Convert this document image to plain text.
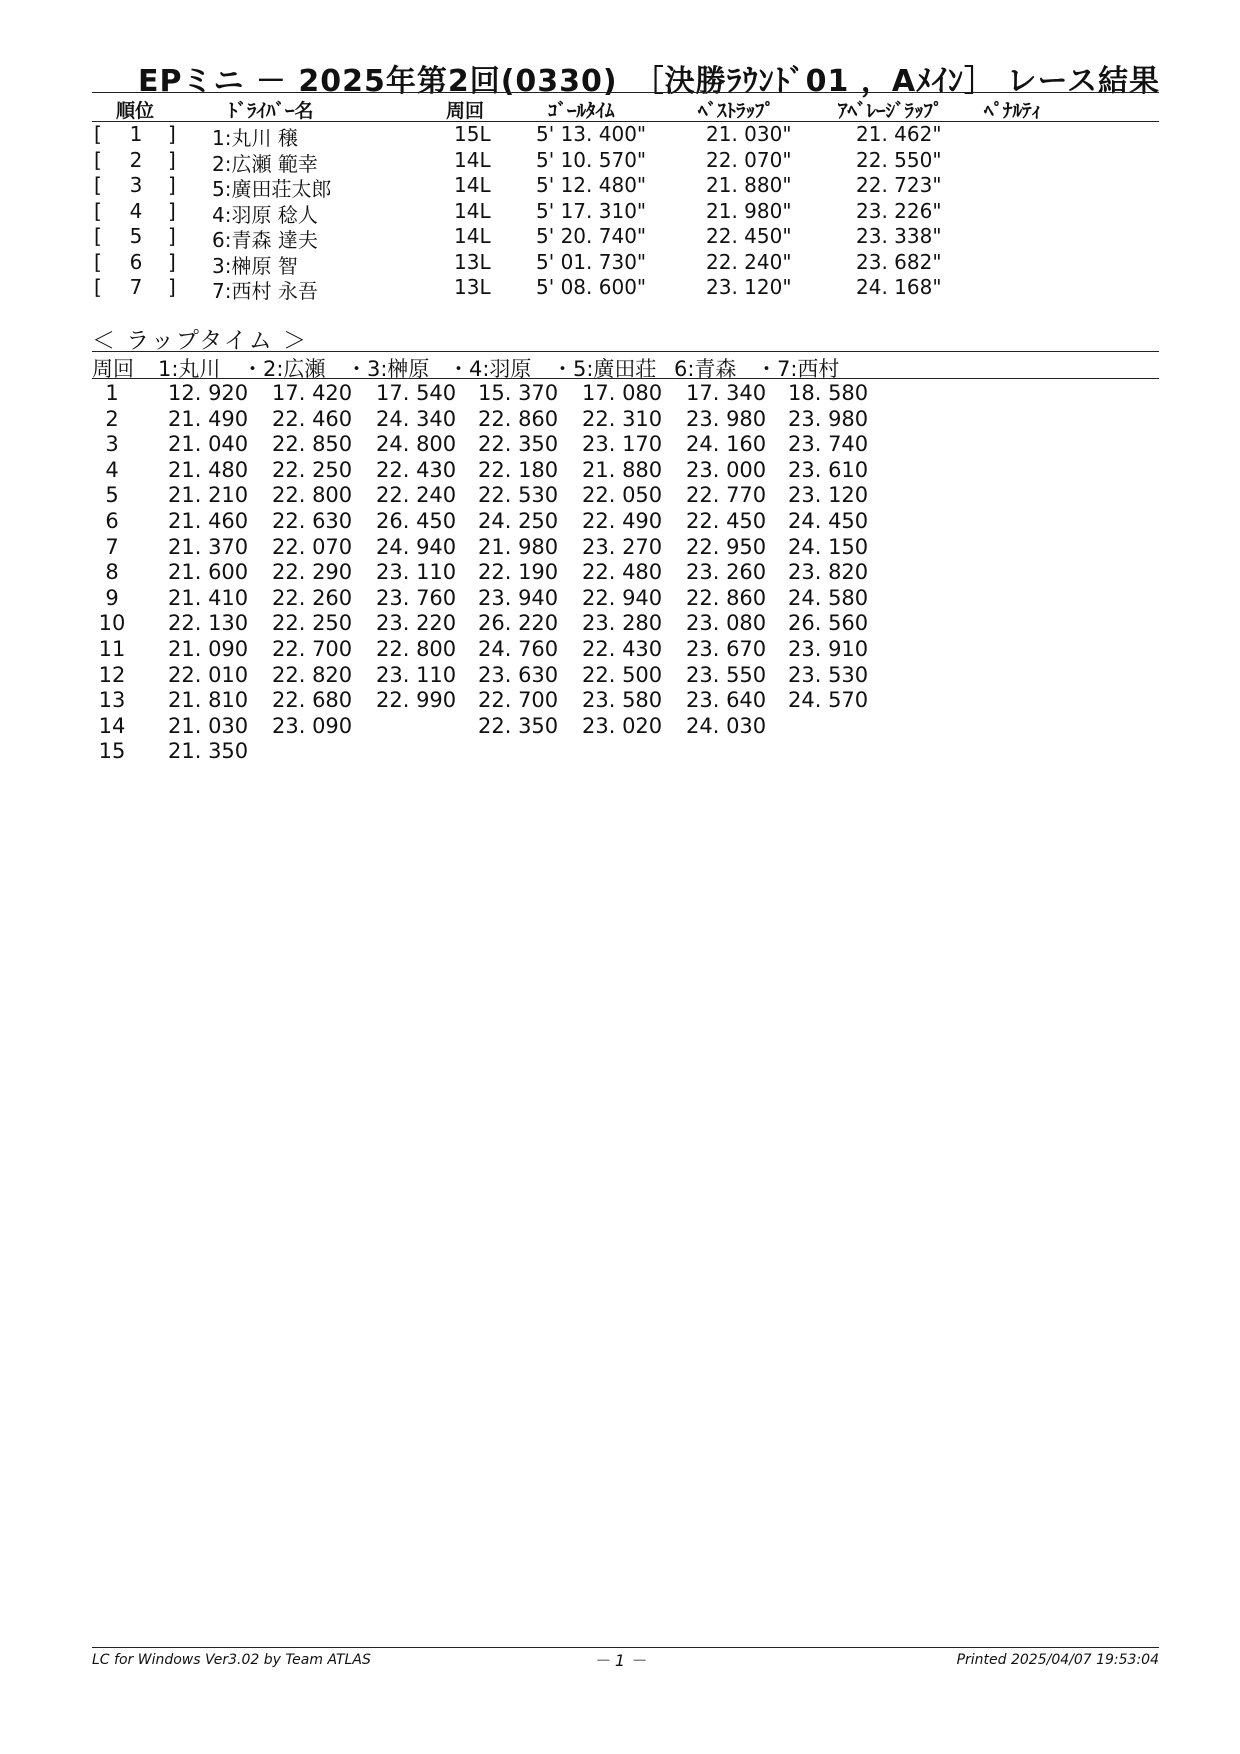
EPミニ － 2025年第2回(0330)　［決勝ﾗｳﾝﾄﾞ01 ，Aﾒｲﾝ］ レース結果
順位	ﾄﾞﾗｲﾊﾞｰ名	周回	ｺﾞｰﾙﾀｲﾑ	ﾍﾞｽﾄﾗｯﾌﾟ	ｱﾍﾞﾚｰｼﾞﾗｯﾌﾟ ﾍﾟﾅﾙﾃｨ
[ 1 ] 1:丸川 穣	15L 5' 13. 400"	21. 030"	21. 462"
[ 2 ] 2:広瀬 範幸	14L 5' 10. 570"	22. 070"	22. 550"
[ 3 ] 5:廣田荘太郎	14L 5' 12. 480"	21. 880"	22. 723"
[ 4 ] 4:羽原 稔人	14L 5' 17. 310"	21. 980"	23. 226"
[ 5 ] 6:青森 達夫	14L 5' 20. 740"	22. 450"	23. 338"
[ 6 ] 3:榊原 智	13L 5' 01. 730"	22. 240"	23. 682"
[ 7 ] 7:西村 永吾	13L 5' 08. 600"	23. 120"	24. 168"
＜ ラップタイム ＞
周回 1:丸川 ・2:広瀬 ・3:榊原 ・4:羽原 ・5:廣田荘 6:青森 ・7:西村
1	12. 920 17. 420 17. 540 15. 370 17. 080 17. 340 18. 580
2	21. 490 22. 460 24. 340 22. 860 22. 310 23. 980 23. 980
3	21. 040 22. 850 24. 800 22. 350 23. 170 24. 160 23. 740
4	21. 480 22. 250 22. 430 22. 180 21. 880 23. 000 23. 610
5	21. 210 22. 800 22. 240 22. 530 22. 050 22. 770 23. 120
6	21. 460 22. 630 26. 450 24. 250 22. 490 22. 450 24. 450
7	21. 370 22. 070 24. 940 21. 980 23. 270 22. 950 24. 150
8	21. 600 22. 290 23. 110 22. 190 22. 480 23. 260 23. 820
9	21. 410 22. 260 23. 760 23. 940 22. 940 22. 860 24. 580
10	22. 130 22. 250 23. 220 26. 220 23. 280 23. 080 26. 560
11	21. 090 22. 700 22. 800 24. 760 22. 430 23. 670 23. 910
12	22. 010 22. 820 23. 110 23. 630 22. 500 23. 550 23. 530
13	21. 810 22. 680 22. 990 22. 700 23. 580 23. 640 24. 570
14	21. 030 23. 090	22. 350 23. 020 24. 030
15	21. 350
LC for Windows Ver3.02 by Team ATLAS	－ 1 －	Printed 2025/04/07 19:53:04
